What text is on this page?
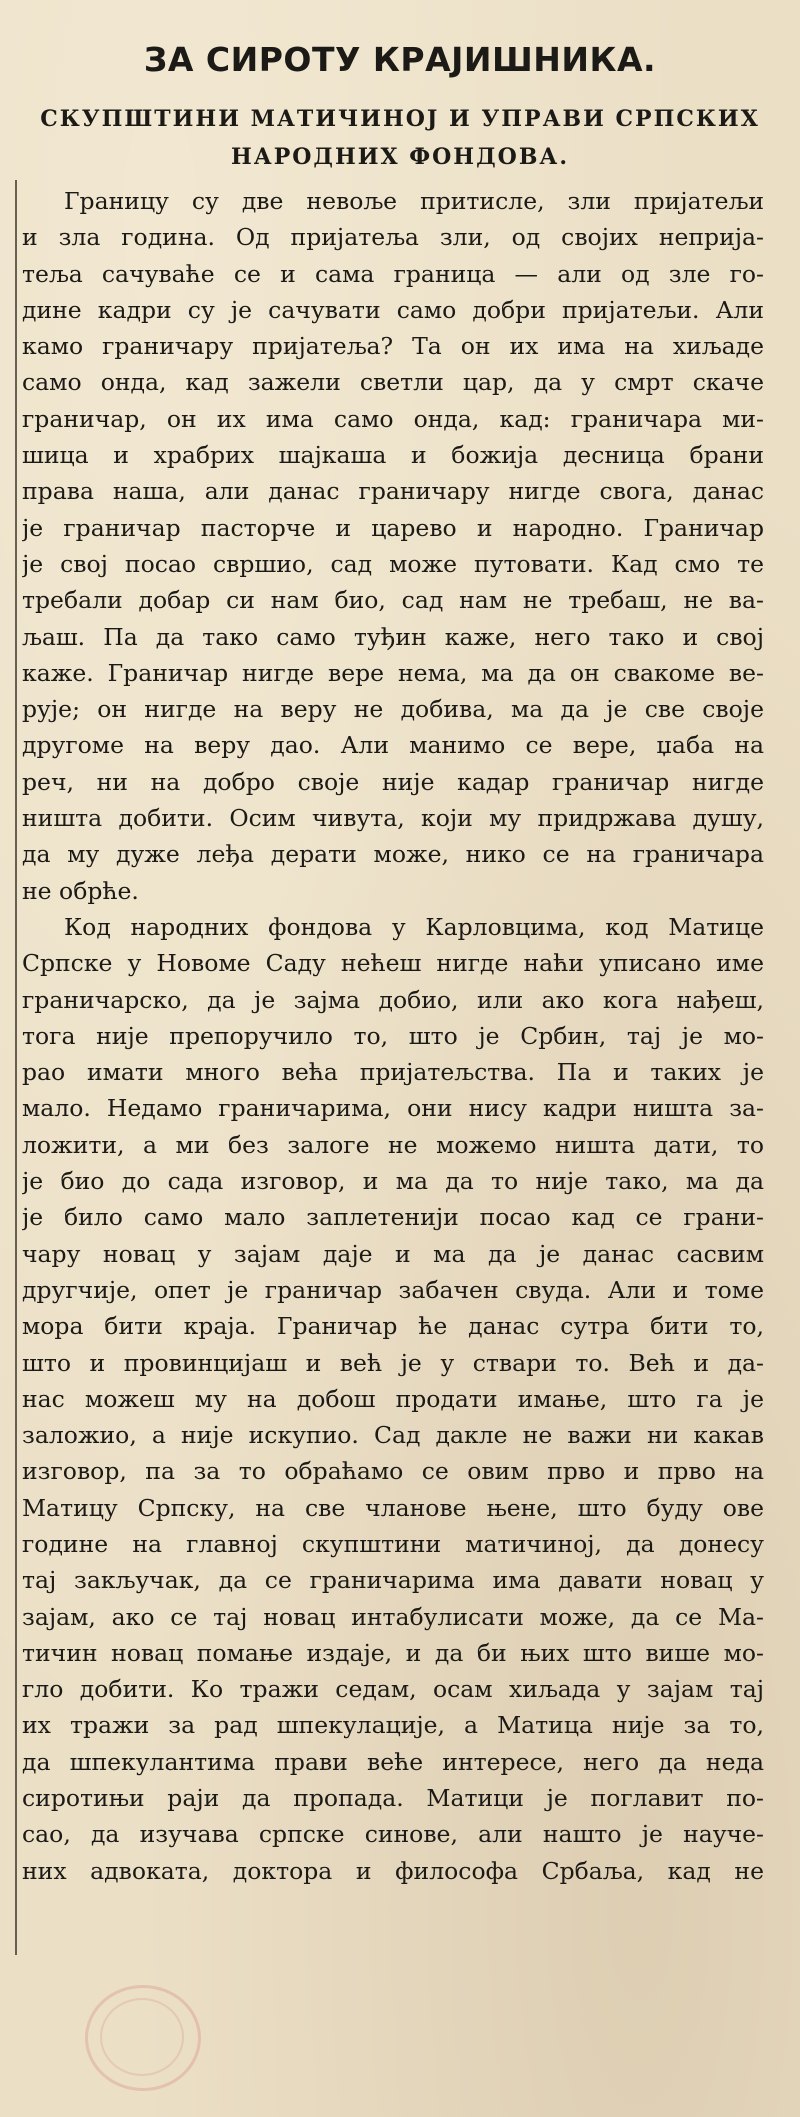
ЗА СИРОТУ КРАЈИШНИКА.
СКУПШТИНИ МАТИЧИНОЈ И УПРАВИ СРПСКИХ
НАРОДНИХ ФОНДОВА.
Границу су две невоље притисле, зли пријатељи
и зла година. Од пријатеља зли, од својих неприја-
теља сачуваће се и сама граница — али од зле го-
дине кадри су је сачувати само добри пријатељи. Али
камо граничару пријатеља? Та он их има на хиљаде
само онда, кад зажели светли цар, да у смрт скаче
граничар, он их има само онда, кад: граничара ми-
шица и храбрих шајкаша и божија десница брани
права наша, али данас граничару нигде свога, данас
је граничар пасторче и царево и народно. Граничар
је свој посао свршио, сад може путовати. Кад смо те
требали добар си нам био, сад нам не требаш, не ва-
љаш. Па да тако само туђин каже, него тако и свој
каже. Граничар нигде вере нема, ма да он свакоме ве-
рује; он нигде на веру не добива, ма да је све своје
другоме на веру дао. Али манимо се вере, џаба на
реч, ни на добро своје није кадар граничар нигде
ништа добити. Осим чивута, који му придржава душу,
да му дуже леђа дерати може, нико се на граничара
не обрће.
Код народних фондова у Карловцима, код Матице
Српске у Новоме Саду нећеш нигде наћи уписано име
граничарско, да је зајма добио, или ако кога нађеш,
тога није препоручило то, што је Србин, тај је мо-
рао имати много већа пријатељства. Па и таких је
мало. Недамо граничарима, они нису кадри ништа за-
ложити, а ми без залоге не можемо ништа дати, то
је био до сада изговор, и ма да то није тако, ма да
је било само мало заплетенији посао кад се грани-
чару новац у зајам даје и ма да је данас сасвим
другчије, опет је граничар забачен свуда. Али и томе
мора бити краја. Граничар ће данас сутра бити то,
што и провинцијаш и већ је у ствари то. Већ и да-
нас можеш му на добош продати имање, што га је
заложио, а није искупио. Сад дакле не важи ни какав
изговор, па за то обраћамо се овим прво и прво на
Матицу Српску, на све чланове њене, што буду ове
године на главној скупштини матичиној, да донесу
тај закључак, да се граничарима има давати новац у
зајам, ако се тај новац интабулисати може, да се Ма-
тичин новац помање издаје, и да би њих што више мо-
гло добити. Ко тражи седам, осам хиљада у зајам тај
их тражи за рад шпекулације, а Матица није за то,
да шпекулантима прави веће интересе, него да неда
сиротињи раји да пропада. Матици је поглавит по-
сао, да изучава српске синове, али нашто је научe-
них адвоката, доктора и философа Србаља, кад не
